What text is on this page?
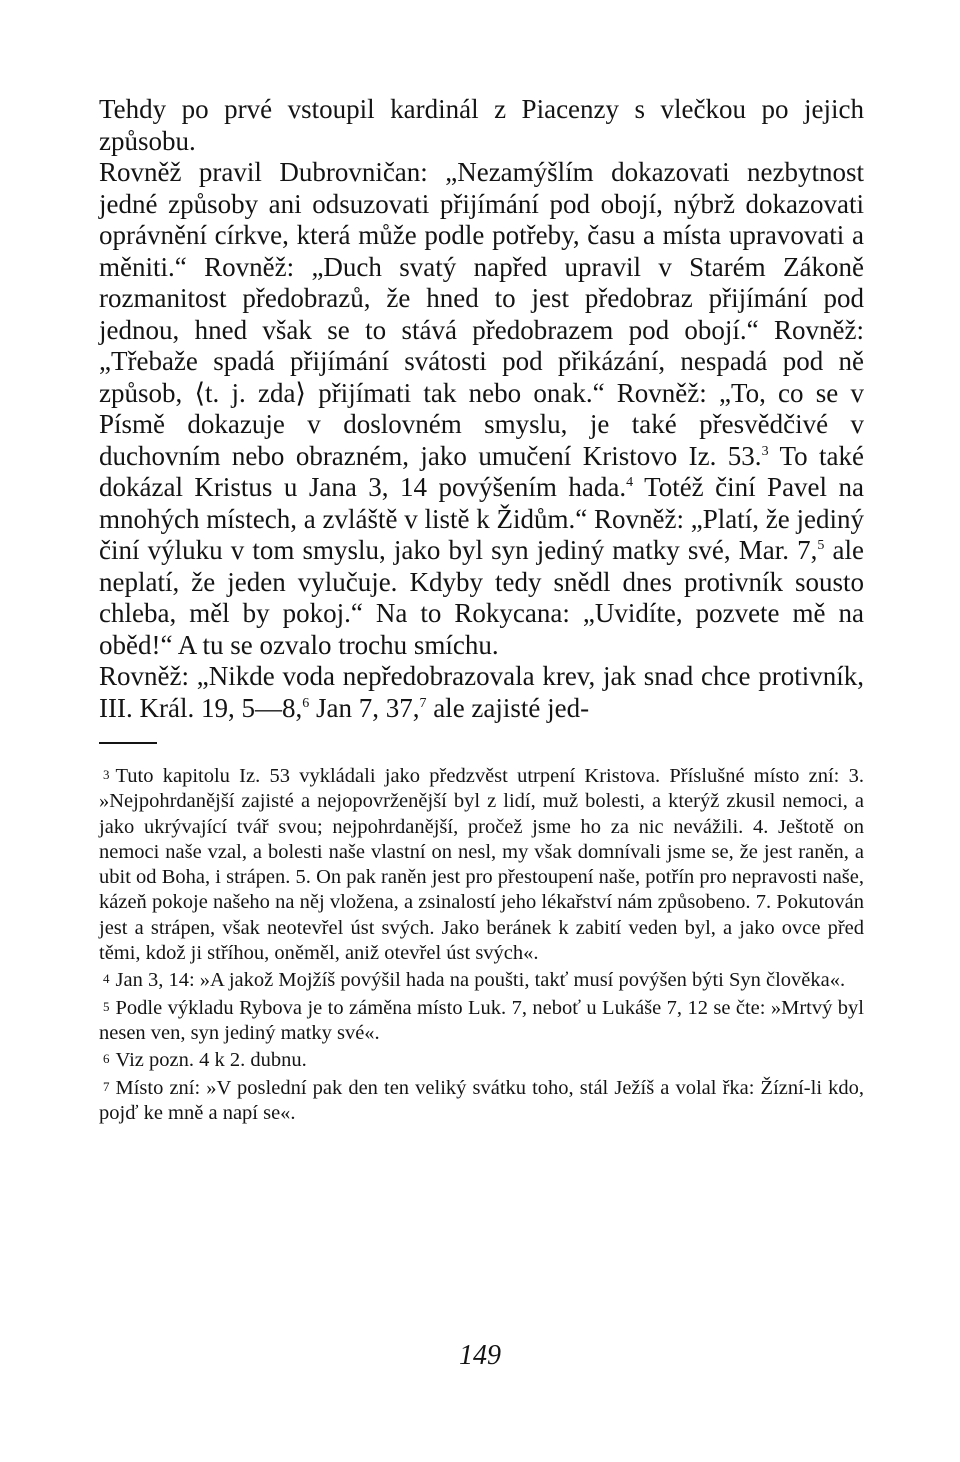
Tehdy po prvé vstoupil kardinál z Piacenzy s vlečkou po jejich způsobu.

Rovněž pravil Dubrovničan: „Nezamýšlím dokazovati nezbytnost jedné způsoby ani odsuzovati přijímání pod obojí, nýbrž dokazovati oprávnění církve, která může podle potřeby, času a místa upravovati a měniti.“ Rovněž: „Duch svatý napřed upravil v Starém Zákoně rozmanitost předobrazů, že hned to jest předobraz přijímání pod jednou, hned však se to stává předobrazem pod obojí.“ Rovněž: „Třebaže spadá přijímání svátosti pod přikázání, nespadá pod ně způsob, ⟨t. j. zda⟩ přijímati tak nebo onak.“ Rovněž: „To, co se v Písmě dokazuje v doslovném smyslu, je také přesvědčivé v duchovním nebo obrazném, jako umučení Kristovo Iz. 53.$^3$ To také dokázal Kristus u Jana 3, 14 povýšením hada.$^4$ Totéž činí Pavel na mnohých místech, a zvláště v listě k Židům.“ Rovněž: „Platí, že jediný činí výluku v tom smyslu, jako byl syn jediný matky své, Mar. 7,$^5$ ale neplatí, že jeden vylučuje. Kdyby tedy snědl dnes protivník sousto chleba, měl by pokoj.“ Na to Rokycana: „Uvidíte, pozvete mě na oběd!“ A tu se ozvalo trochu smíchu.

Rovněž: „Nikde voda nepředobrazovala krev, jak snad chce protivník, III. Král. 19, 5—8,$^6$ Jan 7, 37,$^7$ ale zajisté jed-

3 Tuto kapitolu Iz. 53 vykládali jako předzvěst utrpení Kristova. Příslušné místo zní: 3. »Nejpohrdanější zajisté a nejopovrženější byl z lidí, muž bolesti, a kterýž zkusil nemoci, a jako ukrývající tvář svou; nejpohrdanější, pročež jsme ho za nic nevážili. 4. Ještotě on nemoci naše vzal, a bolesti naše vlastní on nesl, my však domnívali jsme se, že jest raněn, a ubit od Boha, i strápen. 5. On pak raněn jest pro přestoupení naše, potřín pro nepravosti naše, kázeň pokoje našeho na něj vložena, a zsinalostí jeho lékařství nám způsobeno. 7. Pokutován jest a strápen, však neotevřel úst svých. Jako beránek k zabití veden byl, a jako ovce před těmi, kdož ji stříhou, oněměl, aniž otevřel úst svých«.

4 Jan 3, 14: »A jakož Mojžíš povýšil hada na poušti, takť musí povýšen býti Syn člověka«.

5 Podle výkladu Rybova je to záměna místo Luk. 7, neboť u Lukáše 7, 12 se čte: »Mrtvý byl nesen ven, syn jediný matky své«.

6 Viz pozn. 4 k 2. dubnu.

7 Místo zní: »V poslední pak den ten veliký svátku toho, stál Ježíš a volal řka: Žízní-li kdo, pojď ke mně a napí se«.

149
